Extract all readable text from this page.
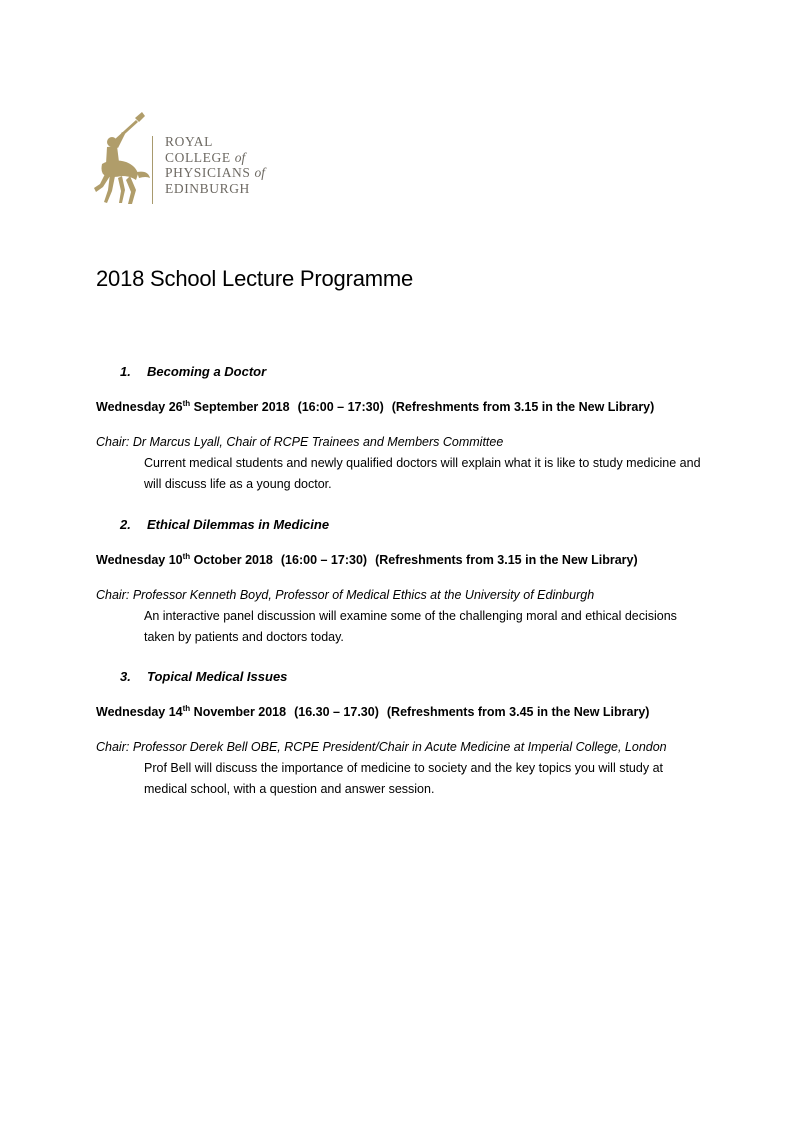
ROYAL
COLLEGE of
PHYSICIANS of
EDINBURGH
2018 School Lecture Programme
1. Becoming a Doctor
Wednesday 26th September 2018 (16:00 – 17:30) (Refreshments from 3.15 in the New Library)
Chair: Dr Marcus Lyall, Chair of RCPE Trainees and Members Committee

Current medical students and newly qualified doctors will explain what it is like to study medicine and will discuss life as a young doctor.

2. Ethical Dilemmas in Medicine
Wednesday 10th October 2018 (16:00 – 17:30) (Refreshments from 3.15 in the New Library)
Chair: Professor Kenneth Boyd, Professor of Medical Ethics at the University of Edinburgh

An interactive panel discussion will examine some of the challenging moral and ethical decisions taken by patients and doctors today.

3. Topical Medical Issues
Wednesday 14th November 2018 (16.30 – 17.30) (Refreshments from 3.45 in the New Library)
Chair: Professor Derek Bell OBE, RCPE President/Chair in Acute Medicine at Imperial College, London

Prof Bell will discuss the importance of medicine to society and the key topics you will study at medical school, with a question and answer session.
